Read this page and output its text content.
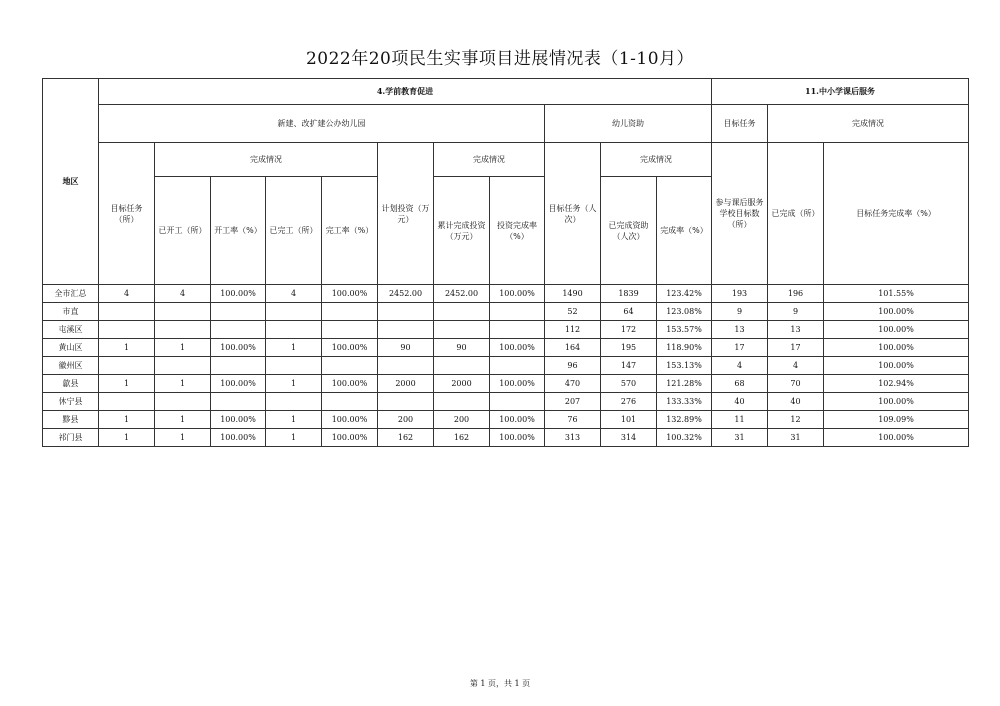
2022年20项民生实事项目进展情况表（1-10月）
地区	4.学前教育促进											11.中小学课后服务		
	新建、改扩建公办幼儿园								幼儿资助			目标任务	完成情况	
	目标任务（所）	完成情况				计划投资（万元）	完成情况		目标任务（人次）	完成情况		参与课后服务学校目标数（所）	已完成（所）	目标任务完成率（%）
		已开工（所）	开工率（%）	已完工（所）	完工率（%）		累计完成投资（万元）	投资完成率（%）		已完成资助（人次）	完成率（%）			

全市汇总	4	4	100.00%	4	100.00%	2452.00	2452.00	100.00%	1490	1839	123.42%	193	196	101.55%
市直									52	64	123.08%	9	9	100.00%
屯溪区									112	172	153.57%	13	13	100.00%
黄山区	1	1	100.00%	1	100.00%	90	90	100.00%	164	195	118.90%	17	17	100.00%
徽州区									96	147	153.13%	4	4	100.00%
歙县	1	1	100.00%	1	100.00%	2000	2000	100.00%	470	570	121.28%	68	70	102.94%
休宁县									207	276	133.33%	40	40	100.00%
黟县	1	1	100.00%	1	100.00%	200	200	100.00%	76	101	132.89%	11	12	109.09%
祁门县	1	1	100.00%	1	100.00%	162	162	100.00%	313	314	100.32%	31	31	100.00%
第 1 页，共 1 页
